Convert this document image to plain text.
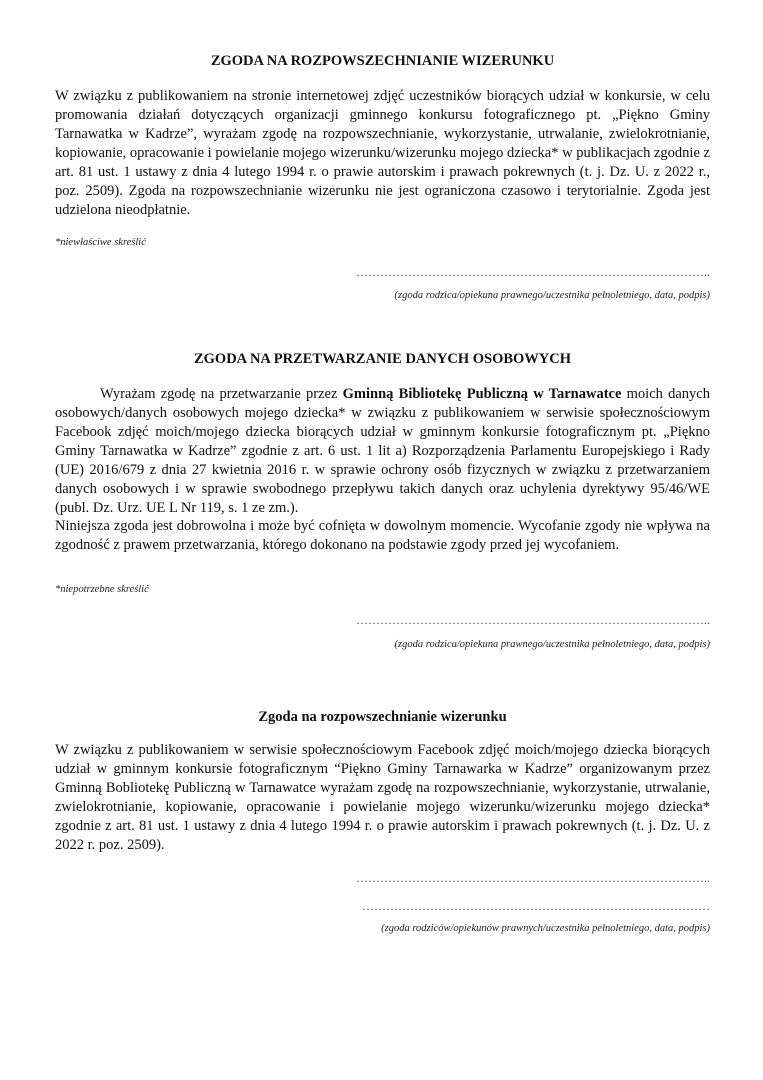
ZGODA NA ROZPOWSZECHNIANIE WIZERUNKU

W związku z publikowaniem na stronie internetowej zdjęć uczestników biorących udział w konkursie, w celu promowania działań dotyczących organizacji gminnego konkursu fotograficznego pt. „Piękno Gminy Tarnawatka w Kadrze”, wyrażam zgodę na rozpowszechnianie, wykorzystanie, utrwalanie, zwielokrotnianie, kopiowanie, opracowanie i powielanie mojego wizerunku/wizerunku mojego dziecka* w publikacjach zgodnie z art. 81 ust. 1 ustawy z dnia 4 lutego 1994 r. o prawie autorskim i prawach pokrewnych (t. j. Dz. U. z 2022 r., poz. 2509). Zgoda na rozpowszechnianie wizerunku nie jest ograniczona czasowo i terytorialnie. Zgoda jest udzielona nieodpłatnie.

*niewłaściwe skreślić
……………………………………………………………………………..
(zgoda rodzica/opiekuna prawnego/uczestnika pełnoletniego, data, podpis)
ZGODA NA PRZETWARZANIE DANYCH OSOBOWYCH

Wyrażam zgodę na przetwarzanie przez Gminną Bibliotekę Publiczną w Tarnawatce moich danych osobowych/danych osobowych mojego dziecka* w związku z publikowaniem w serwisie społecznościowym Facebook zdjęć moich/mojego dziecka biorących udział w gminnym konkursie fotograficznym pt. „Piękno Gminy Tarnawatka w Kadrze” zgodnie z art. 6 ust. 1 lit a) Rozporządzenia Parlamentu Europejskiego i Rady (UE) 2016/679 z dnia 27 kwietnia 2016 r. w sprawie ochrony osób fizycznych w związku z przetwarzaniem danych osobowych i w sprawie swobodnego przepływu takich danych oraz uchylenia dyrektywy 95/46/WE (publ. Dz. Urz. UE L Nr 119, s. 1 ze zm.).

Niniejsza zgoda jest dobrowolna i może być cofnięta w dowolnym momencie. Wycofanie zgody nie wpływa na zgodność z prawem przetwarzania, którego dokonano na podstawie zgody przed jej wycofaniem.

*niepotrzebne skreślić
……………………………………………………………………………..
(zgoda rodzica/opiekuna prawnego/uczestnika pełnoletniego, data, podpis)
Zgoda na rozpowszechnianie wizerunku

W związku z publikowaniem w serwisie społecznościowym Facebook zdjęć moich/mojego dziecka biorących udział w gminnym konkursie fotograficznym “Piękno Gminy Tarnawarka w Kadrze” organizowanym przez Gminną Bobliotekę Publiczną w Tarnawatce wyrażam zgodę na rozpowszechnianie, wykorzystanie, utrwalanie, zwielokrotnianie, kopiowanie, opracowanie i powielanie mojego wizerunku/wizerunku mojego dziecka* zgodnie z art. 81 ust. 1 ustawy z dnia 4 lutego 1994 r. o prawie autorskim i prawach pokrewnych (t. j. Dz. U. z 2022 r. poz. 2509).

……………………………………………………………………………..
……………………………………………………………………………
(zgoda rodziców/opiekunów prawnych/uczestnika pełnoletniego, data, podpis)
